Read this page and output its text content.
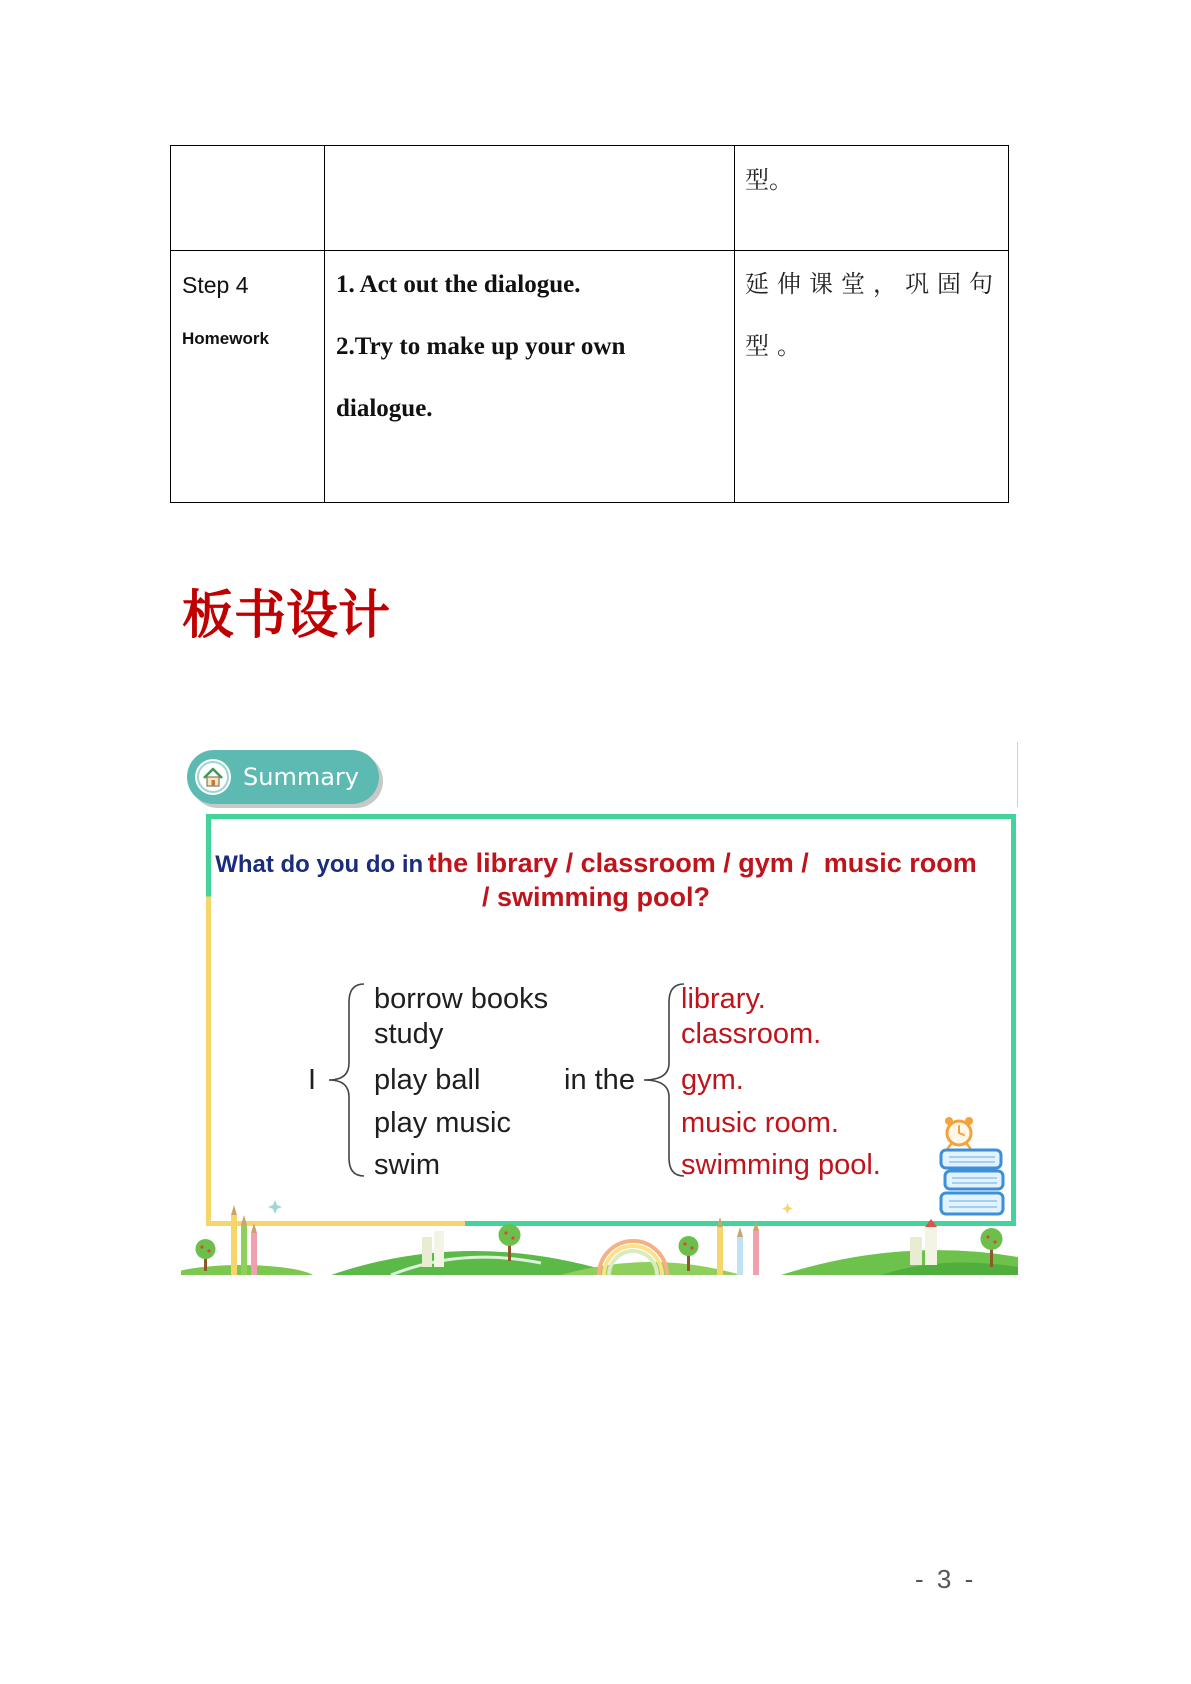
型。
Step 4
Homework
1. Act out the dialogue.
2.Try to make up your own
dialogue.
延伸课堂，巩固句
型。
板书设计
Summary
What do you do in the library / classroom / gym /  music room
/ swimming pool?
I
borrow books
study
play ball
play music
swim
in the
library.
classroom.
gym.
music room.
swimming pool.
- 3 -
